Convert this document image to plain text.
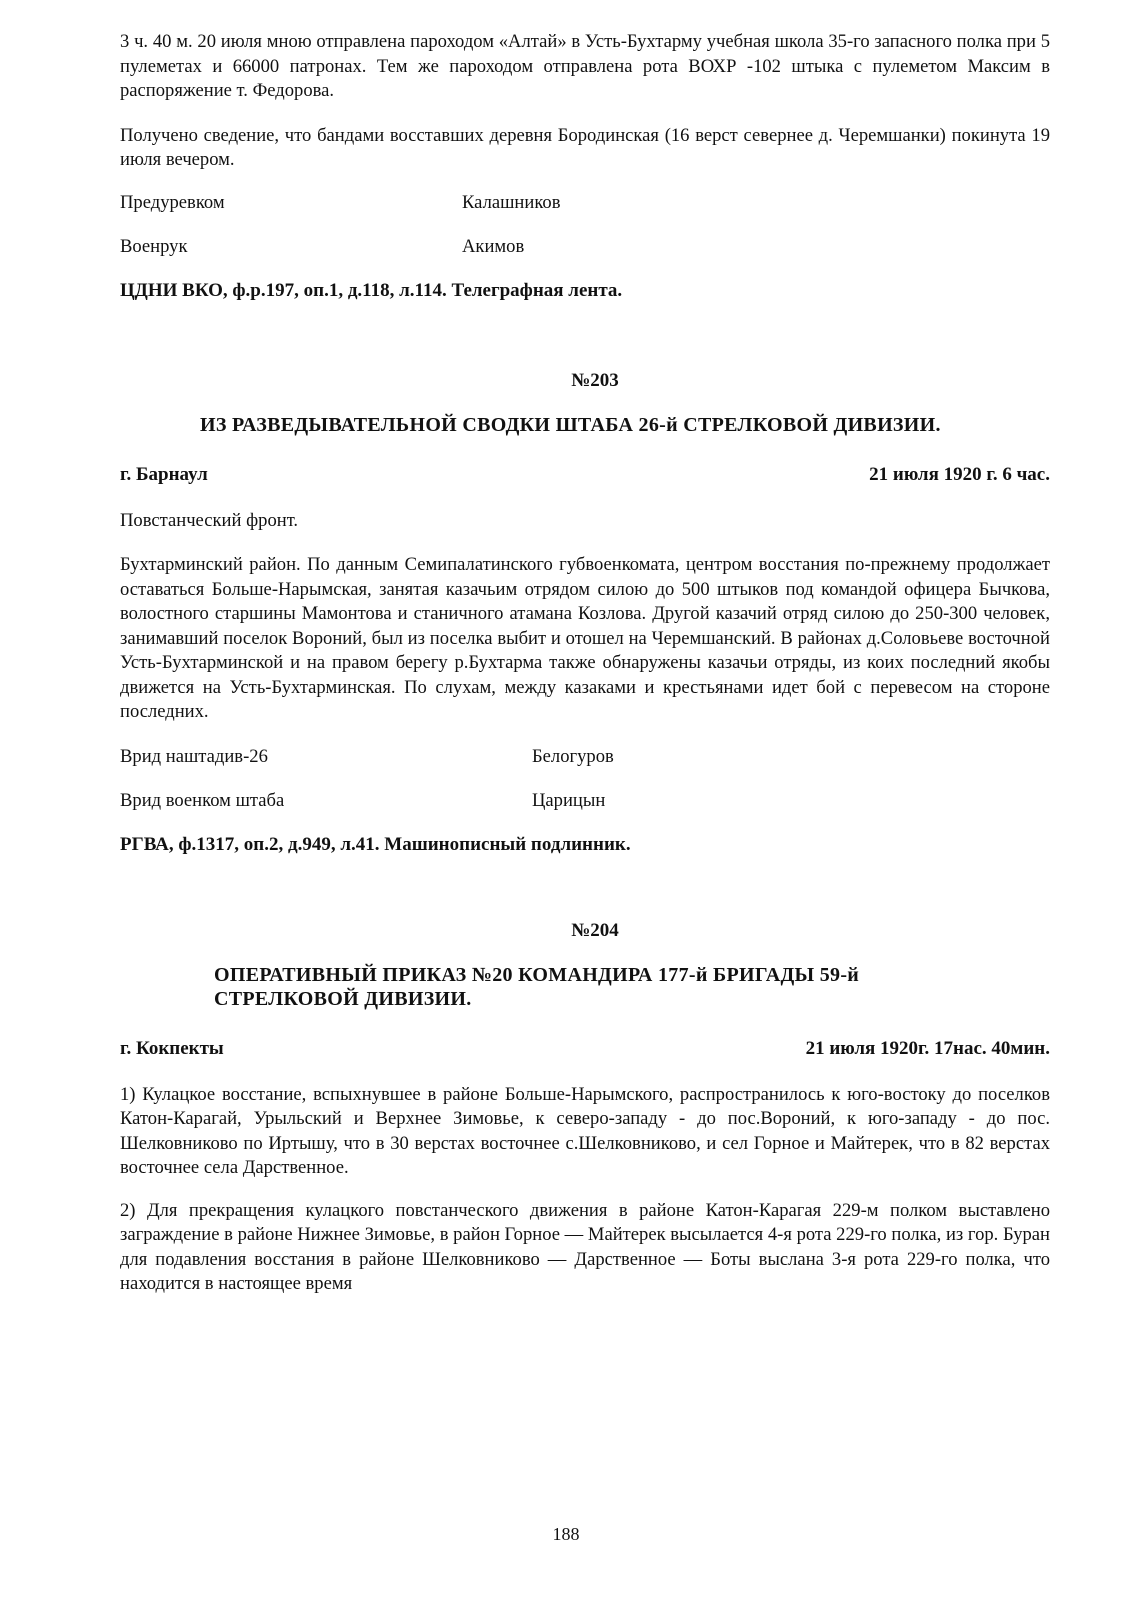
3 ч. 40 м. 20 июля мною отправлена пароходом «Алтай» в Усть-Бухтарму учебная школа 35-го запасного полка при 5 пулеметах и 66000 патронах. Тем же пароходом отправлена рота ВОХР -102 штыка с пулеметом Максим в распоряжение т. Федорова.

Получено сведение, что бандами восставших деревня Бородинская (16 верст севернее д. Черемшанки) покинута 19 июля вечером.

Предуревком	Калашников
Военрук	Акимов
ЦДНИ ВКО, ф.р.197, оп.1, д.118, л.114. Телеграфная лента.
№203
ИЗ РАЗВЕДЫВАТЕЛЬНОЙ СВОДКИ ШТАБА 26-й СТРЕЛКОВОЙ ДИВИЗИИ.
г. Барнаул	21 июля 1920 г. 6 час.

Повстанческий фронт.

Бухтарминский район. По данным Семипалатинского губвоенкомата, центром восстания по-прежнему продолжает оставаться Больше-Нарымская, занятая казачьим отрядом силою до 500 штыков под командой офицера Бычкова, волостного старшины Мамонтова и станичного атамана Козлова. Другой казачий отряд силою до 250-300 человек, занимавший поселок Вороний, был из поселка выбит и отошел на Черемшанский. В районах д.Соловьеве восточной Усть-Бухтарминской и на правом берегу р.Бухтарма также обнаружены казачьи отряды, из коих последний якобы движется на Усть-Бухтарминская. По слухам, между казаками и крестьянами идет бой с перевесом на стороне последних.

Врид наштадив-26	Белогуров
Врид военком штаба	Царицын
РГВА, ф.1317, оп.2, д.949, л.41. Машинописный подлинник.
№204
ОПЕРАТИВНЫЙ ПРИКАЗ №20 КОМАНДИРА 177-й БРИГАДЫ 59-й СТРЕЛКОВОЙ ДИВИЗИИ.
г. Кокпекты	21 июля 1920г. 17нас. 40мин.

1) Кулацкое восстание, вспыхнувшее в районе Больше-Нарымского, распространилось к юго-востоку до поселков Катон-Карагай, Урыльский и Верхнее Зимовье, к северо-западу - до пос.Вороний, к юго-западу - до пос. Шелковниково по Иртышу, что в 30 верстах восточнее с.Шелковниково, и сел Горное и Майтерек, что в 82 верстах восточнее села Дарственное.

2) Для прекращения кулацкого повстанческого движения в районе Катон-Карагая 229-м полком выставлено заграждение в районе Нижнее Зимовье, в район Горное — Майтерек высылается 4-я рота 229-го полка, из гор. Буран для подавления восстания в районе Шелковниково — Дарственное — Боты выслана 3-я рота 229-го полка, что находится в настоящее время

188
